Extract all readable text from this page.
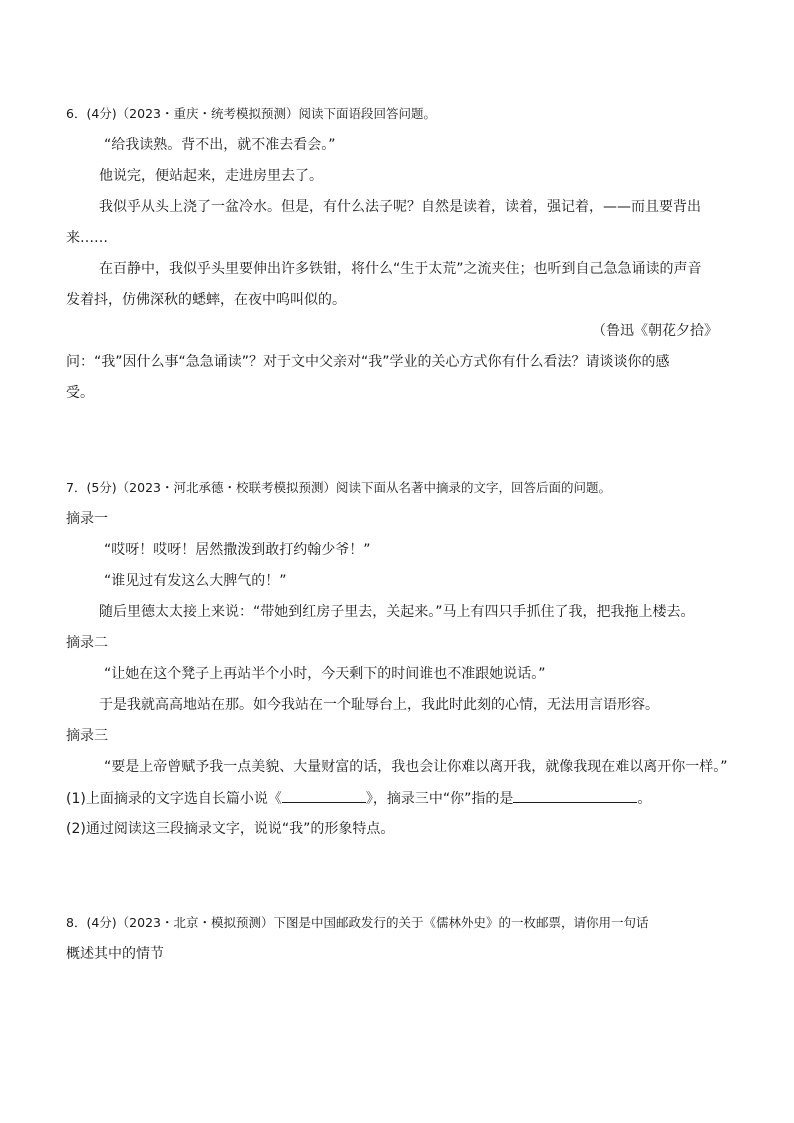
6．(4分)（2023・重庆・统考模拟预测）阅读下面语段回答问题。
“给我读熟。背不出，就不准去看会。”
他说完，便站起来，走进房里去了。
我似乎从头上浇了一盆冷水。但是，有什么法子呢？自然是读着，读着，强记着，——而且要背出
来……
在百静中，我似乎头里要伸出许多铁钳，将什么“生于太荒”之流夹住；也听到自己急急诵读的声音
发着抖，仿佛深秋的蟋蟀，在夜中呜叫似的。
（鲁迅《朝花夕拾》
问：“我”因什么事“急急诵读”？对于文中父亲对“我”学业的关心方式你有什么看法？请谈谈你的感
受。
7．(5分)（2023・河北承德・校联考模拟预测）阅读下面从名著中摘录的文字，回答后面的问题。
摘录一
“哎呀！哎呀！居然撒泼到敢打约翰少爷！”
“谁见过有发这么大脾气的！”
随后里德太太接上来说：“带她到红房子里去，关起来。”马上有四只手抓住了我，把我拖上楼去。
摘录二
“让她在这个凳子上再站半个小时，今天剩下的时间谁也不准跟她说话。”
于是我就高高地站在那。如今我站在一个耻辱台上，我此时此刻的心情，无法用言语形容。
摘录三
“要是上帝曾赋予我一点美貌、大量财富的话，我也会让你难以离开我，就像我现在难以离开你一样。”
(1)上面摘录的文字选自长篇小说《	》，摘录三中“你”指的是	。
(2)通过阅读这三段摘录文字，说说“我”的形象特点。
8．(4分)（2023・北京・模拟预测）下图是中国邮政发行的关于《儒林外史》的一枚邮票，请你用一句话
概述其中的情节
